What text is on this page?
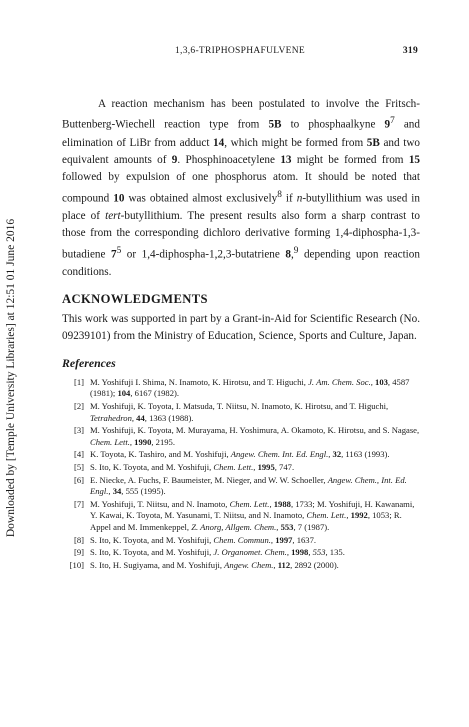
1,3,6-TRIPHOSPHAFULVENE	319
Downloaded by [Temple University Libraries] at 12:51 01 June 2016

A reaction mechanism has been postulated to involve the Fritsch-Buttenberg-Wiechell reaction type from 5B to phosphaalkyne $9^7$ and elimination of LiBr from adduct 14, which might be formed from 5B and two equivalent amounts of 9. Phosphinoacetylene 13 might be formed from 15 followed by expulsion of one phosphorus atom. It should be noted that compound 10 was obtained almost exclusively$^8$ if n-butyllithium was used in place of tert-butyllithium. The present results also form a sharp contrast to those from the corresponding dichloro derivative forming 1,4-diphospha-1,3-butadiene $7^5$ or 1,4-diphospha-1,2,3-butatriene 8,$^9$ depending upon reaction conditions.

ACKNOWLEDGMENTS

This work was supported in part by a Grant-in-Aid for Scientific Research (No. 09239101) from the Ministry of Education, Science, Sports and Culture, Japan.

References
[1] M. Yoshifuji I. Shima, N. Inamoto, K. Hirotsu, and T. Higuchi, J. Am. Chem. Soc., 103, 4587 (1981); 104, 6167 (1982).
[2] M. Yoshifuji, K. Toyota, I. Matsuda, T. Niitsu, N. Inamoto, K. Hirotsu, and T. Higuchi, Tetrahedron, 44, 1363 (1988).
[3] M. Yoshifuji, K. Toyota, M. Murayama, H. Yoshimura, A. Okamoto, K. Hirotsu, and S. Nagase, Chem. Lett., 1990, 2195.
[4] K. Toyota, K. Tashiro, and M. Yoshifuji, Angew. Chem. Int. Ed. Engl., 32, 1163 (1993).
[5] S. Ito, K. Toyota, and M. Yoshifuji, Chem. Lett., 1995, 747.
[6] E. Niecke, A. Fuchs, F. Baumeister, M. Nieger, and W. W. Schoeller, Angew. Chem., Int. Ed. Engl., 34, 555 (1995).
[7] M. Yoshifuji, T. Niitsu, and N. Inamoto, Chem. Lett., 1988, 1733; M. Yoshifuji, H. Kawanami, Y. Kawai, K. Toyota, M. Yasunami, T. Niitsu, and N. Inamoto, Chem. Lett., 1992, 1053; R. Appel and M. Immenkeppel, Z. Anorg, Allgem. Chem., 553, 7 (1987).
[8] S. Ito, K. Toyota, and M. Yoshifuji, Chem. Commun., 1997, 1637.
[9] S. Ito, K. Toyota, and M. Yoshifuji, J. Organomet. Chem., 1998, 553, 135.
[10] S. Ito, H. Sugiyama, and M. Yoshifuji, Angew. Chem., 112, 2892 (2000).
